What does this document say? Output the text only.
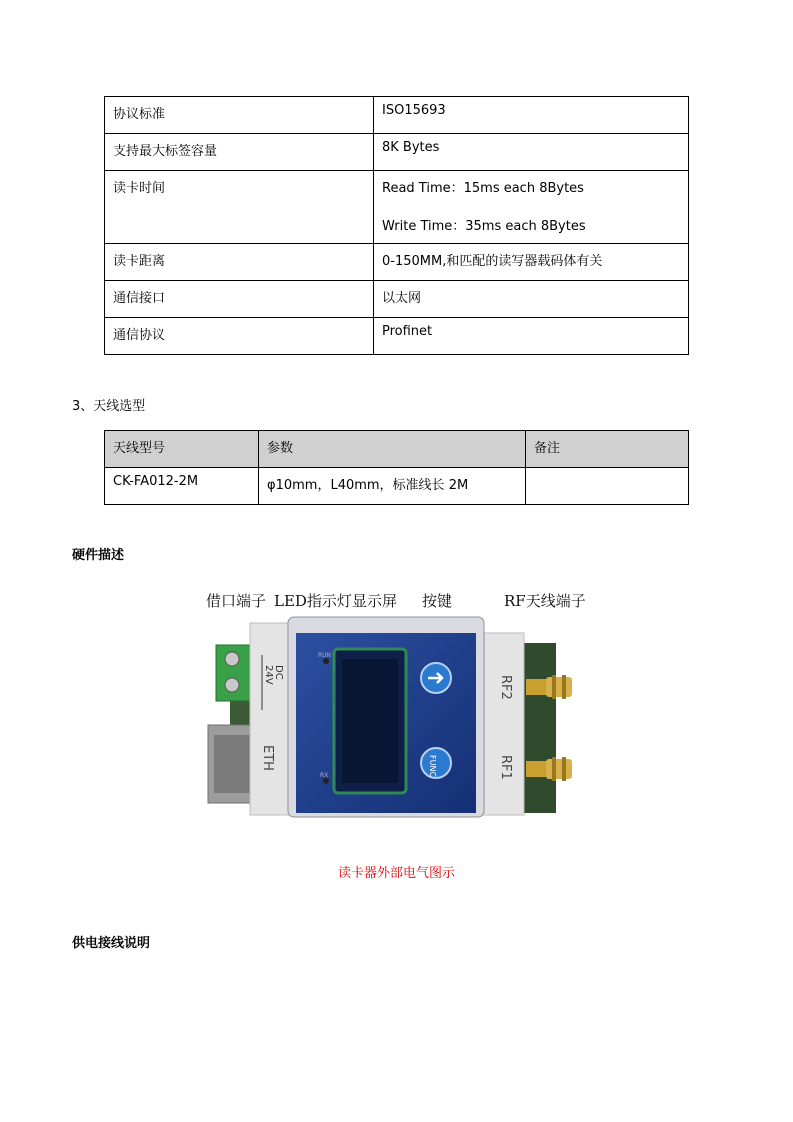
协议标准	ISO15693
支持最大标签容量	8K Bytes
读卡时间	Read Time：15ms each 8Bytes
Write Time：35ms each 8Bytes

读卡距离	0-150MM,和匹配的读写器载码体有关
通信接口	以太网
通信协议	Profinet
3、天线选型
天线型号	参数	备注
CK-FA012-2M	φ10mm，L40mm，标准线长 2M	
硬件描述
借口端子 LED指示灯 显示屏 按键	RF天线端子
RF2
RF1
DC
24V
ETH
RUN
RX	FUNC
读卡器外部电气图示
供电接线说明
